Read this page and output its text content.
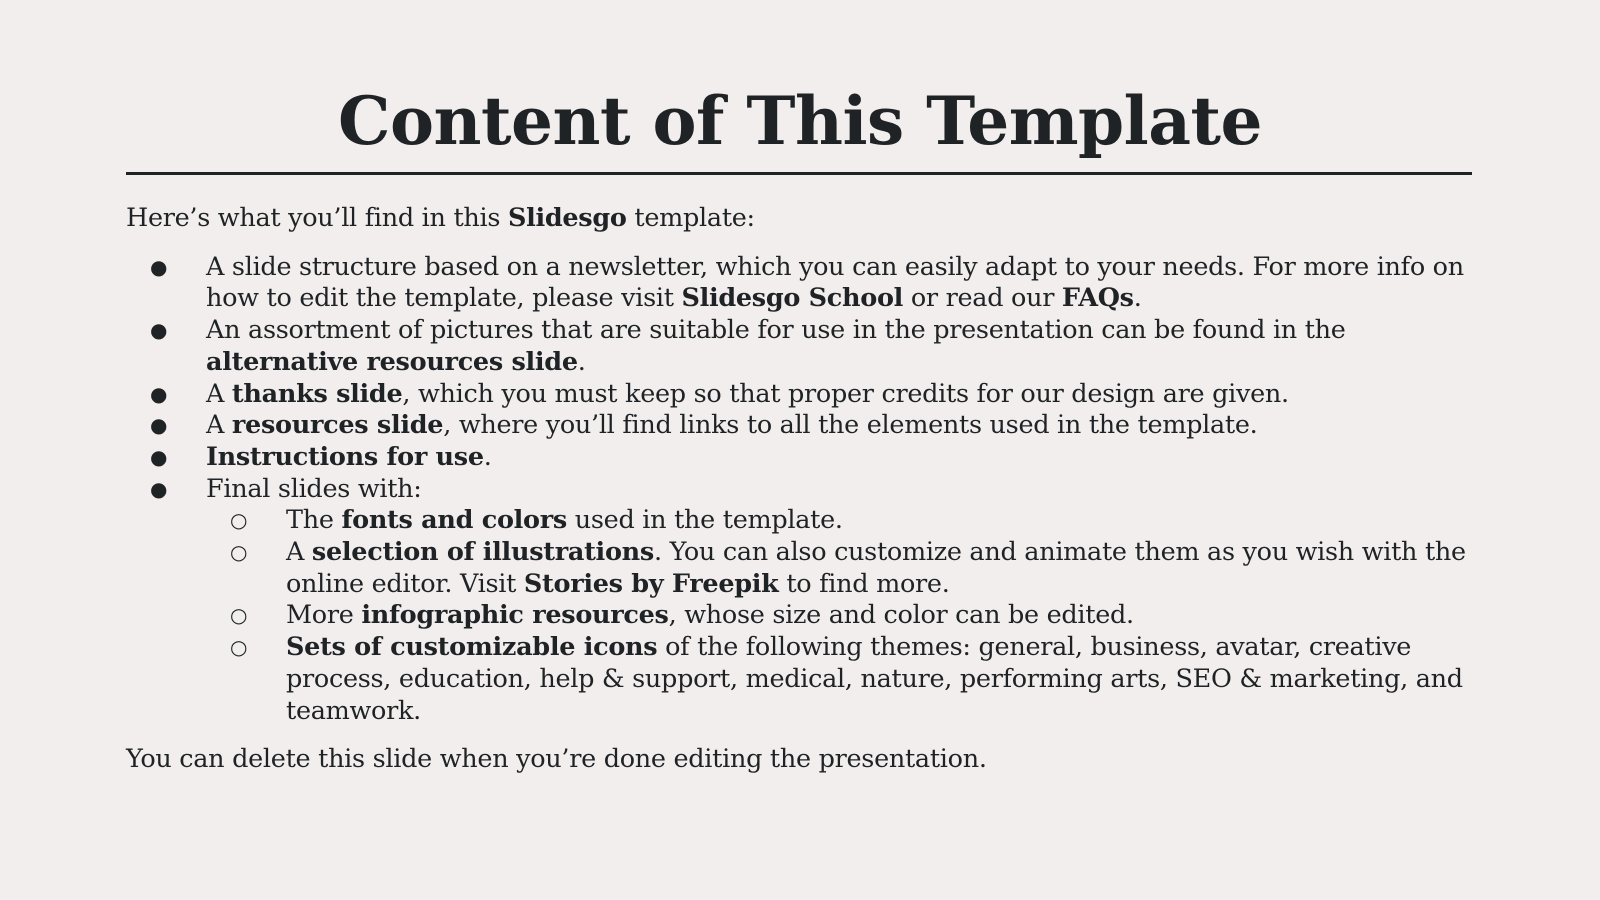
Content of This Template

Here’s what you’ll find in this Slidesgo template:

● A slide structure based on a newsletter, which you can easily adapt to your needs. For more info on how to edit the template, please visit Slidesgo School or read our FAQs.
● An assortment of pictures that are suitable for use in the presentation can be found in the alternative resources slide.
● A thanks slide, which you must keep so that proper credits for our design are given.
● A resources slide, where you’ll find links to all the elements used in the template.
● Instructions for use.
● Final slides with:
○ The fonts and colors used in the template.
○ A selection of illustrations. You can also customize and animate them as you wish with the online editor. Visit Stories by Freepik to find more.
○ More infographic resources, whose size and color can be edited.
○ Sets of customizable icons of the following themes: general, business, avatar, creative process, education, help & support, medical, nature, performing arts, SEO & marketing, and teamwork.

You can delete this slide when you’re done editing the presentation.
